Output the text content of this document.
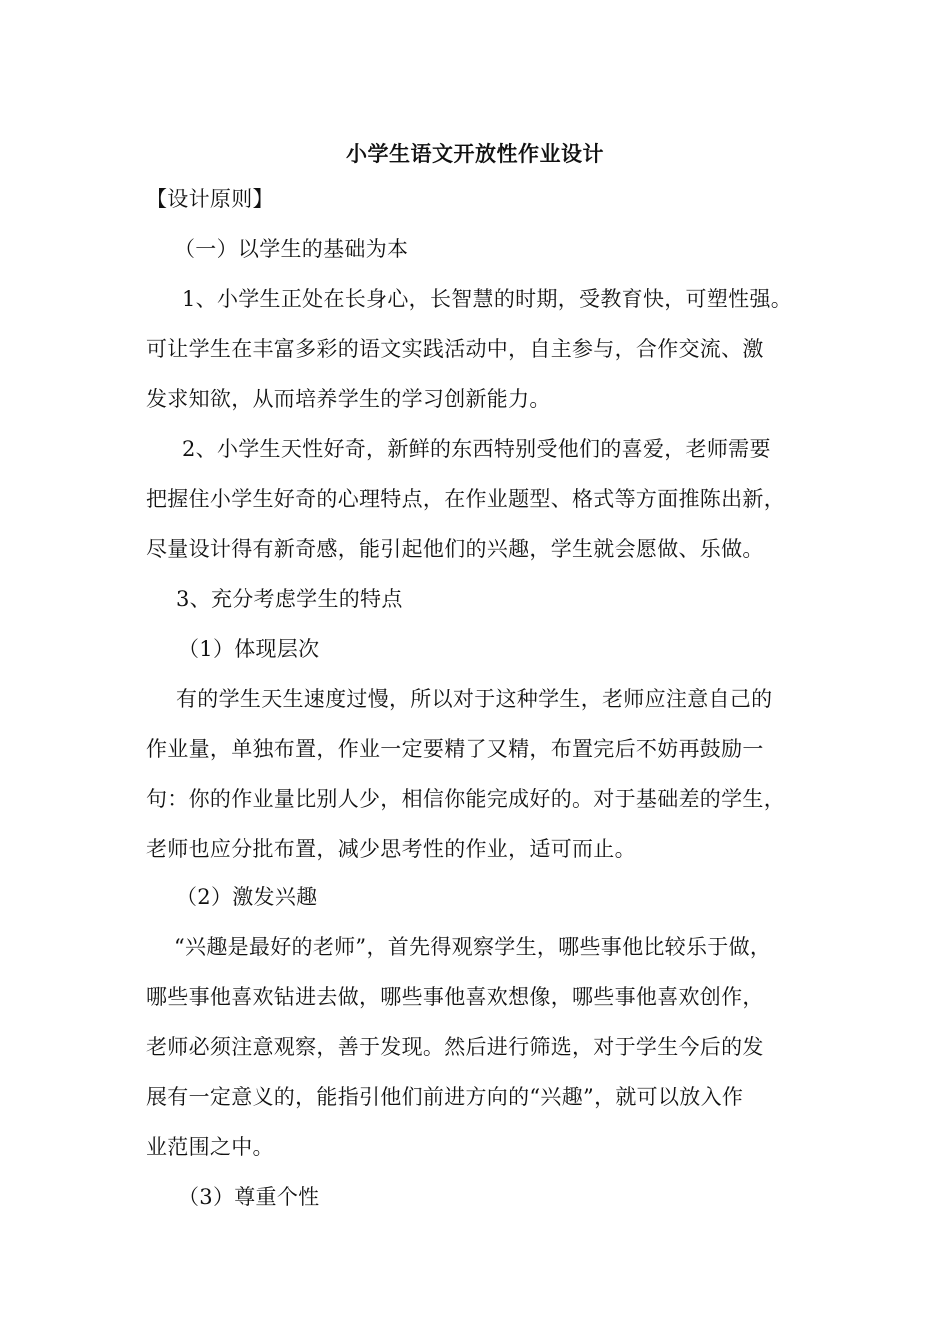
小学生语文开放性作业设计
【设计原则】
（一）以学生的基础为本
1、小学生正处在长身心，长智慧的时期，受教育快，可塑性强。
可让学生在丰富多彩的语文实践活动中，自主参与，合作交流、激
发求知欲，从而培养学生的学习创新能力。
2、小学生天性好奇，新鲜的东西特别受他们的喜爱，老师需要
把握住小学生好奇的心理特点，在作业题型、格式等方面推陈出新，
尽量设计得有新奇感，能引起他们的兴趣，学生就会愿做、乐做。
3、充分考虑学生的特点
（1）体现层次
有的学生天生速度过慢，所以对于这种学生，老师应注意自己的
作业量，单独布置，作业一定要精了又精，布置完后不妨再鼓励一
句：你的作业量比别人少，相信你能完成好的。对于基础差的学生，
老师也应分批布置，减少思考性的作业，适可而止。
（2）激发兴趣
“兴趣是最好的老师”，首先得观察学生，哪些事他比较乐于做，
哪些事他喜欢钻进去做，哪些事他喜欢想像，哪些事他喜欢创作，
老师必须注意观察，善于发现。然后进行筛选，对于学生今后的发
展有一定意义的，能指引他们前进方向的“兴趣”，就可以放入作
业范围之中。
（3）尊重个性
